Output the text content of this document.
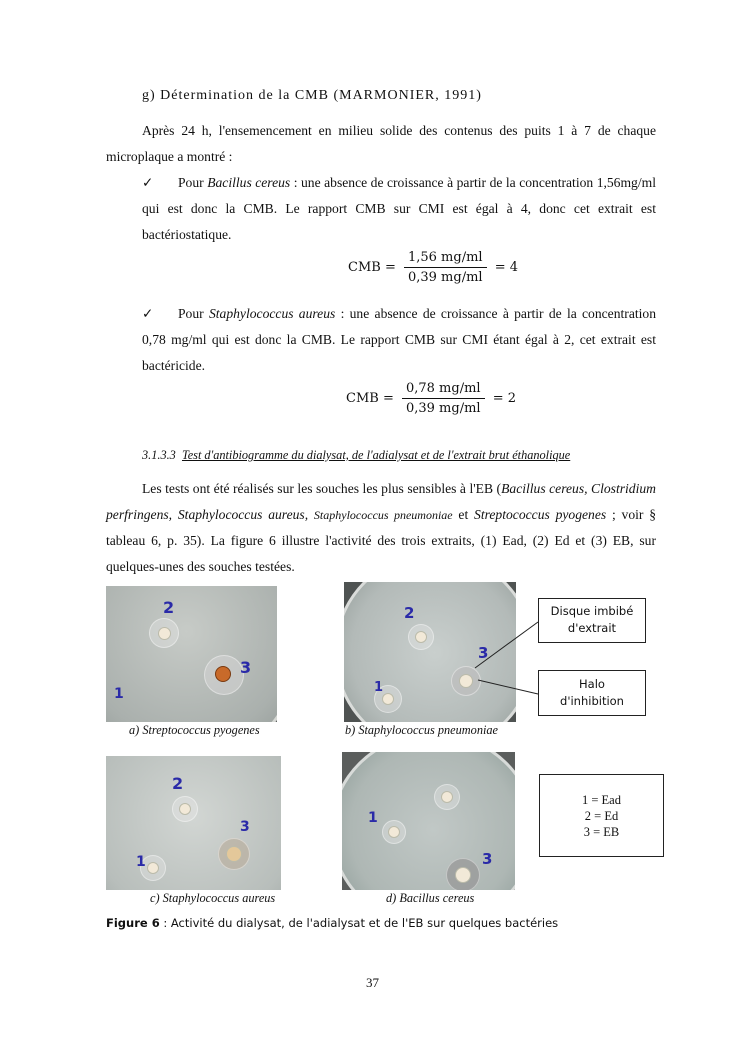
g) Détermination de la CMB (MARMONIER, 1991)
Après 24 h, l'ensemencement en milieu solide des contenus des puits 1 à 7 de chaque microplaque a montré :
✓	Pour Bacillus cereus : une absence de croissance à partir de la concentration 1,56mg/ml qui est donc la CMB. Le rapport CMB sur CMI est égal à 4, donc cet extrait est bactériostatique.
CMB = $\frac{1,56 mg/ml}{0,39 mg/ml} = 4$
✓	Pour Staphylococcus aureus : une absence de croissance à partir de la concentration 0,78 mg/ml qui est donc la CMB. Le rapport CMB sur CMI étant égal à 2, cet extrait est bactéricide.
CMB = $\frac{0,78 mg/ml}{0,39 mg/ml} = 2$
3.1.3.3 Test d'antibiogramme du dialysat, de l'adialysat et de l'extrait brut éthanolique
Les tests ont été réalisés sur les souches les plus sensibles à l'EB (Bacillus cereus, Clostridium perfringens, Staphylococcus aureus, Staphylococcus pneumoniae et Streptococcus pyogenes ; voir § tableau 6, p. 35). La figure 6 illustre l'activité des trois extraits, (1) Ead, (2) Ed et (3) EB, sur quelques-unes des souches testées.
2
3
1
a) Streptococcus pyogenes
2
3
1
b) Staphylococcus pneumoniae
Disque imbibé
d'extrait
Halo
d'inhibition
2
3
1
c) Staphylococcus aureus
1
3
d) Bacillus cereus
1 = Ead
2 = Ed
3 = EB
Figure 6 : Activité du dialysat, de l'adialysat et de l'EB sur quelques bactéries
37
